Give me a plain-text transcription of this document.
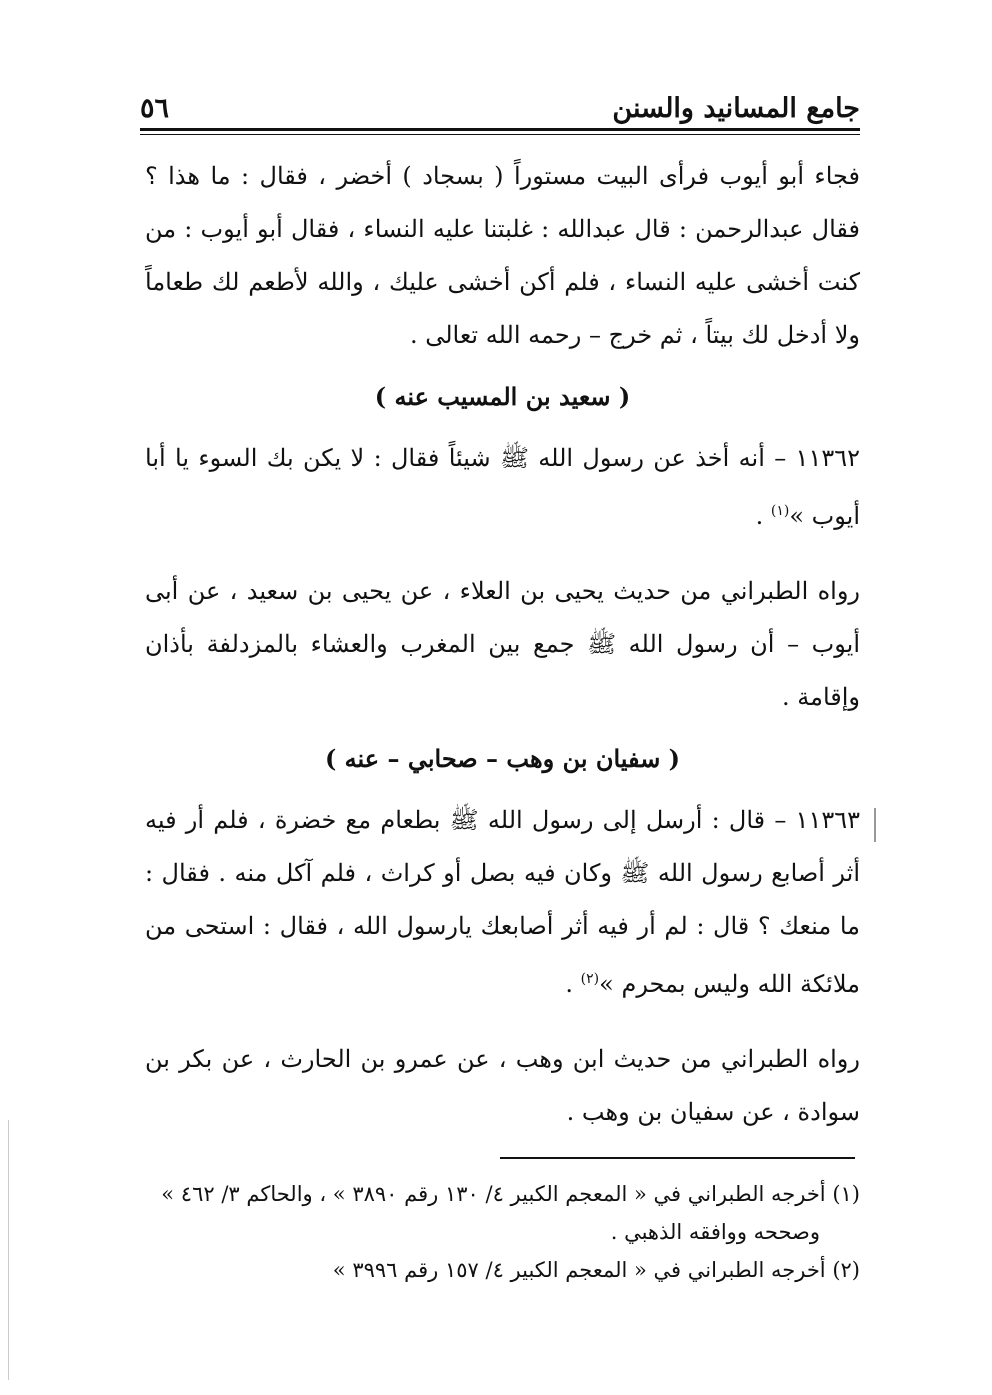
جامع المسانيد والسنن
٥٦

فجاء أبو أيوب فرأى البيت مستوراً ( بسجاد ) أخضر ، فقال : ما هذا ؟ فقال عبدالرحمن : قال عبدالله : غلبتنا عليه النساء ، فقال أبو أيوب : من كنت أخشى عليه النساء ، فلم أكن أخشى عليك ، والله لأطعم لك طعاماً ولا أدخل لك بيتاً ، ثم خرج – رحمه الله تعالى .

( سعيد بن المسيب عنه )

١١٣٦٢ – أنه أخذ عن رسول الله ﷺ شيئاً فقال : لا يكن بك السوء يا أبا أيوب »$^{(١)}$ .

رواه الطبراني من حديث يحيى بن العلاء ، عن يحيى بن سعيد ، عن أبى أيوب – أن رسول الله ﷺ جمع بين المغرب والعشاء بالمزدلفة بأذان وإقامة .

( سفيان بن وهب – صحابي – عنه )

١١٣٦٣ – قال : أرسل إلى رسول الله ﷺ بطعام مع خضرة ، فلم أر فيه أثر أصابع رسول الله ﷺ وكان فيه بصل أو كراث ، فلم آكل منه . فقال : ما منعك ؟ قال : لم أر فيه أثر أصابعك يارسول الله ، فقال : استحى من ملائكة الله وليس بمحرم »$^{(٢)}$ .

رواه الطبراني من حديث ابن وهب ، عن عمرو بن الحارث ، عن بكر بن سوادة ، عن سفيان بن وهب .

(١) أخرجه الطبراني في « المعجم الكبير ٤/ ١٣٠ رقم ٣٨٩٠ » ، والحاكم ٣/ ٤٦٢ »

وصححه ووافقه الذهبي .

(٢) أخرجه الطبراني في « المعجم الكبير ٤/ ١٥٧ رقم ٣٩٩٦ »
